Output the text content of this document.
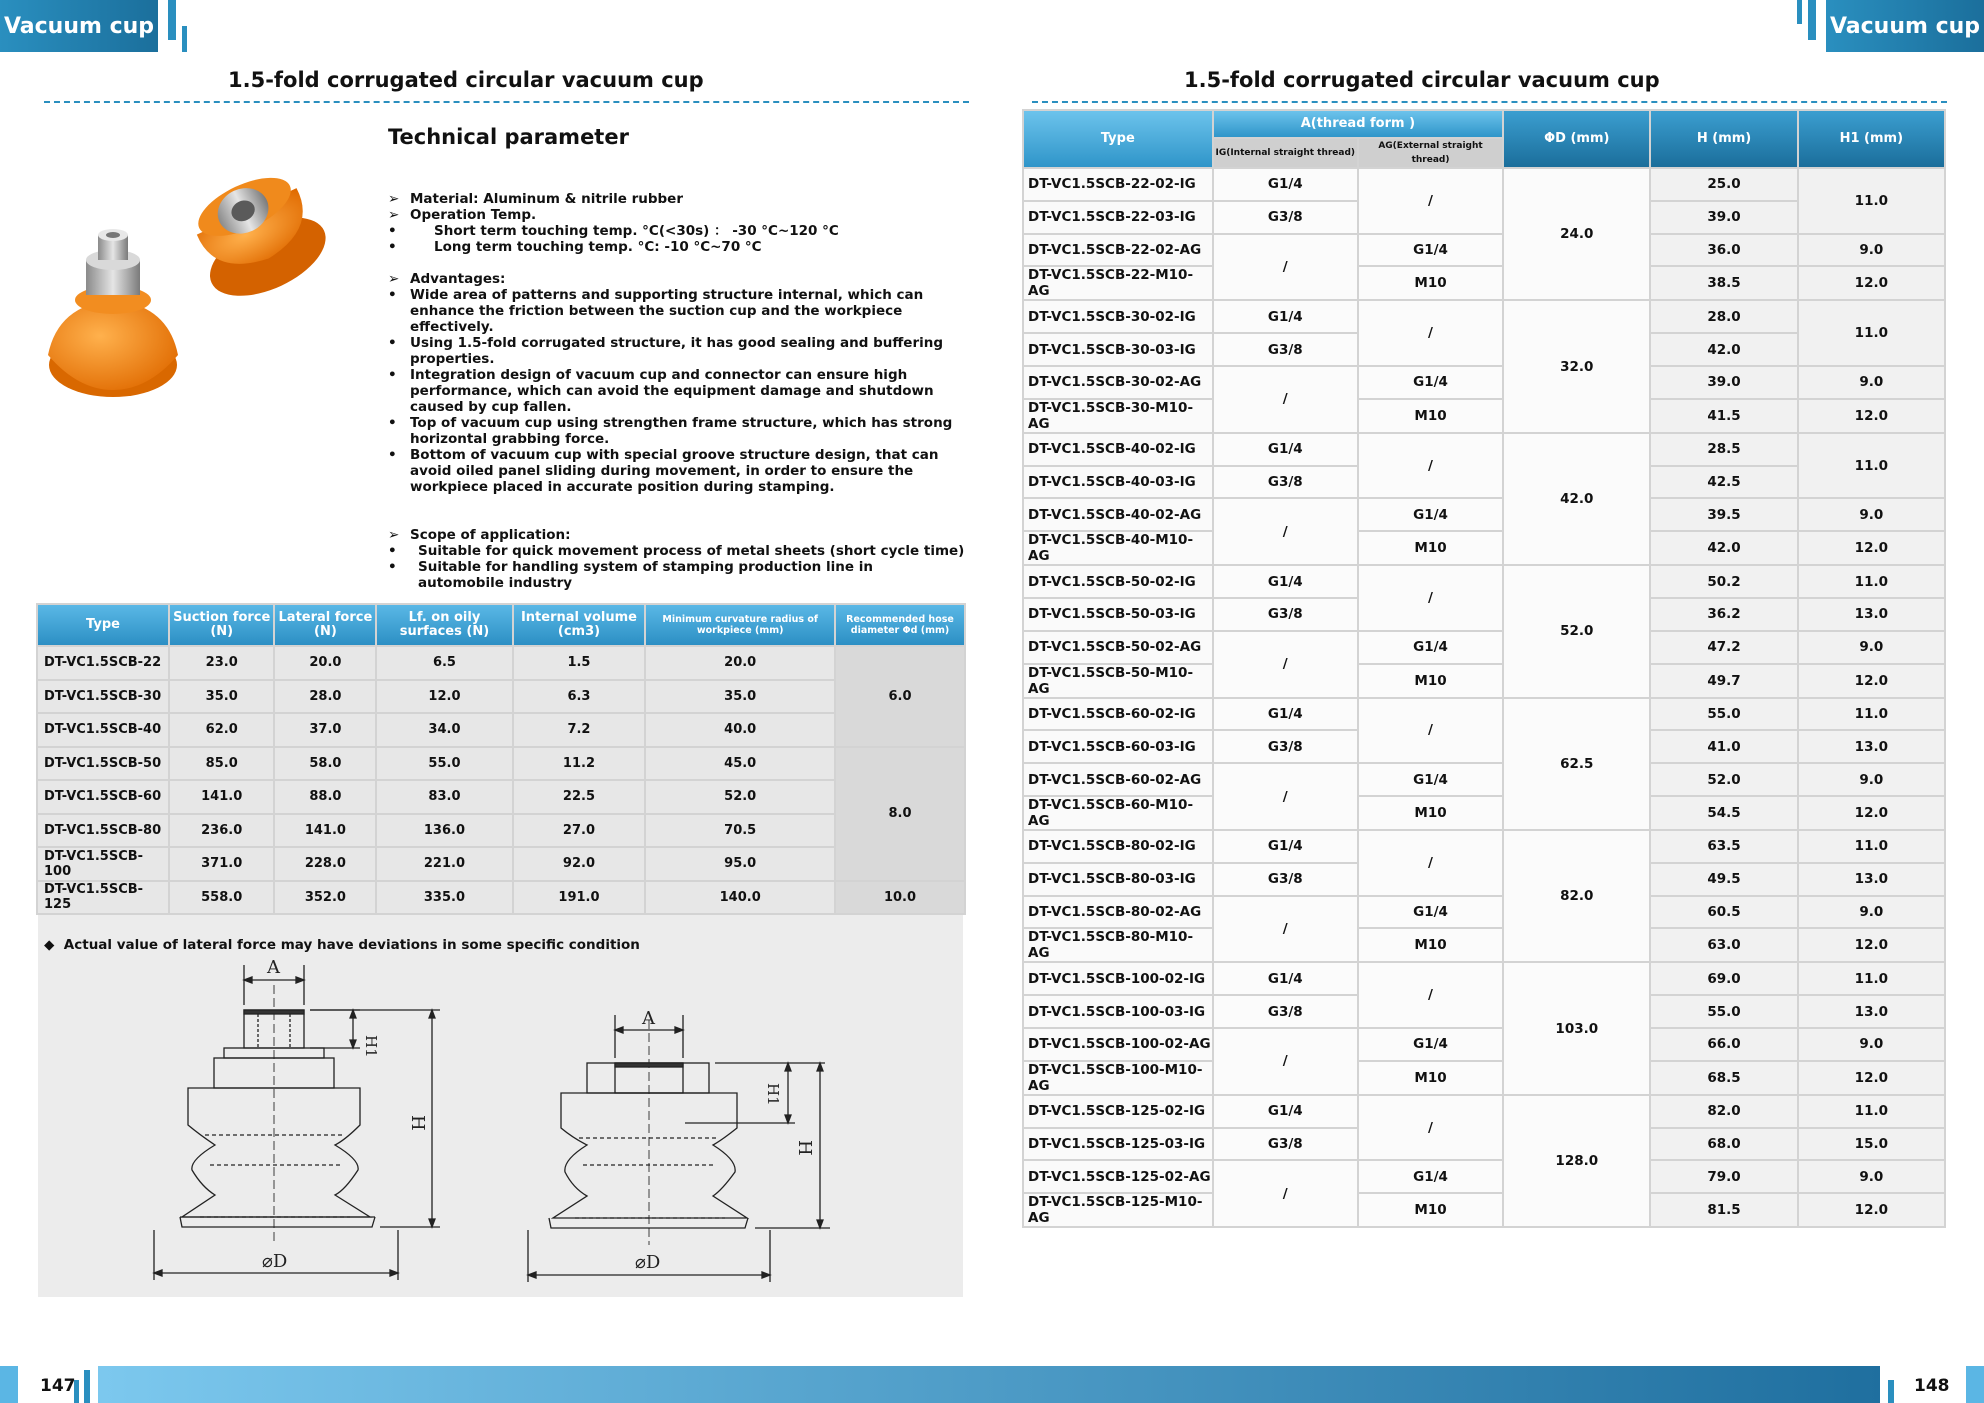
Vacuum cup	Vacuum cup
1.5-fold corrugated circular vacuum cup
Technical parameter
➢ Material: Aluminum & nitrile rubber
➢ Operation Temp.
•	Short term touching temp. °C(<30s) ： -30 °C~120 °C
•	Long term touching temp. °C: -10 °C~70 °C
➢ Advantages:
• Wide area of patterns and supporting structure internal, which can enhance the friction between the suction cup and the workpiece effectively.
• Using 1.5-fold corrugated structure, it has good sealing and buffering properties.
• Integration design of vacuum cup and connector can ensure high performance, which can avoid the equipment damage and shutdown caused by cup fallen.
• Top of vacuum cup using strengthen frame structure, which has strong horizontal grabbing force.
• Bottom of vacuum cup with special groove structure design, that can avoid oiled panel sliding during movement, in order to ensure the workpiece placed in accurate position during stamping.
➢ Scope of application:
•	Suitable for quick movement process of metal sheets (short cycle time)
•	Suitable for handling system of stamping production line in automobile industry
Type	Suction force (N)	Lateral force (N)	Lf. on oily surfaces (N)	Internal volume (cm3)	Minimum curvature radius of workpiece (mm)	Recommended hose diameter Φd (mm)
DT-VC1.5SCB-22	23.0	20.0	6.5	1.5	20.0	6.0
DT-VC1.5SCB-30	35.0	28.0	12.0	6.3	35.0	
DT-VC1.5SCB-40	62.0	37.0	34.0	7.2	40.0	
DT-VC1.5SCB-50	85.0	58.0	55.0	11.2	45.0	8.0
DT-VC1.5SCB-60	141.0	88.0	83.0	22.5	52.0	
DT-VC1.5SCB-80	236.0	141.0	136.0	27.0	70.5	
DT-VC1.5SCB-100	371.0	228.0	221.0	92.0	95.0	
DT-VC1.5SCB-125	558.0	352.0	335.0	191.0	140.0	10.0
◆ Actual value of lateral force may have deviations in some specific condition
A
H1
H
⌀D
A
H1
H
⌀D
1.5-fold corrugated circular vacuum cup
Type	A(thread form )		ΦD (mm)	H (mm)	H1 (mm)
	IG(Internal straight thread)	AG(External straight thread)			
DT-VC1.5SCB-22-02-IG	G1/4	/	24.0	25.0	11.0
DT-VC1.5SCB-22-03-IG	G3/8			39.0	
DT-VC1.5SCB-22-02-AG	/	G1/4		36.0	9.0
DT-VC1.5SCB-22-M10-AG		M10		38.5	12.0
DT-VC1.5SCB-30-02-IG	G1/4	/	32.0	28.0	11.0
DT-VC1.5SCB-30-03-IG	G3/8			42.0	
DT-VC1.5SCB-30-02-AG	/	G1/4		39.0	9.0
DT-VC1.5SCB-30-M10-AG		M10		41.5	12.0
DT-VC1.5SCB-40-02-IG	G1/4	/	42.0	28.5	11.0
DT-VC1.5SCB-40-03-IG	G3/8			42.5	
DT-VC1.5SCB-40-02-AG	/	G1/4		39.5	9.0
DT-VC1.5SCB-40-M10-AG		M10		42.0	12.0
DT-VC1.5SCB-50-02-IG	G1/4	/	52.0	50.2	11.0
DT-VC1.5SCB-50-03-IG	G3/8			36.2	13.0
DT-VC1.5SCB-50-02-AG	/	G1/4		47.2	9.0
DT-VC1.5SCB-50-M10-AG		M10		49.7	12.0
DT-VC1.5SCB-60-02-IG	G1/4	/	62.5	55.0	11.0
DT-VC1.5SCB-60-03-IG	G3/8			41.0	13.0
DT-VC1.5SCB-60-02-AG	/	G1/4		52.0	9.0
DT-VC1.5SCB-60-M10-AG		M10		54.5	12.0
DT-VC1.5SCB-80-02-IG	G1/4	/	82.0	63.5	11.0
DT-VC1.5SCB-80-03-IG	G3/8			49.5	13.0
DT-VC1.5SCB-80-02-AG	/	G1/4		60.5	9.0
DT-VC1.5SCB-80-M10-AG		M10		63.0	12.0
DT-VC1.5SCB-100-02-IG	G1/4	/	103.0	69.0	11.0
DT-VC1.5SCB-100-03-IG	G3/8			55.0	13.0
DT-VC1.5SCB-100-02-AG	/	G1/4		66.0	9.0
DT-VC1.5SCB-100-M10-AG		M10		68.5	12.0
DT-VC1.5SCB-125-02-IG	G1/4	/	128.0	82.0	11.0
DT-VC1.5SCB-125-03-IG	G3/8			68.0	15.0
DT-VC1.5SCB-125-02-AG	/	G1/4		79.0	9.0
DT-VC1.5SCB-125-M10-AG		M10		81.5	12.0
147	148
